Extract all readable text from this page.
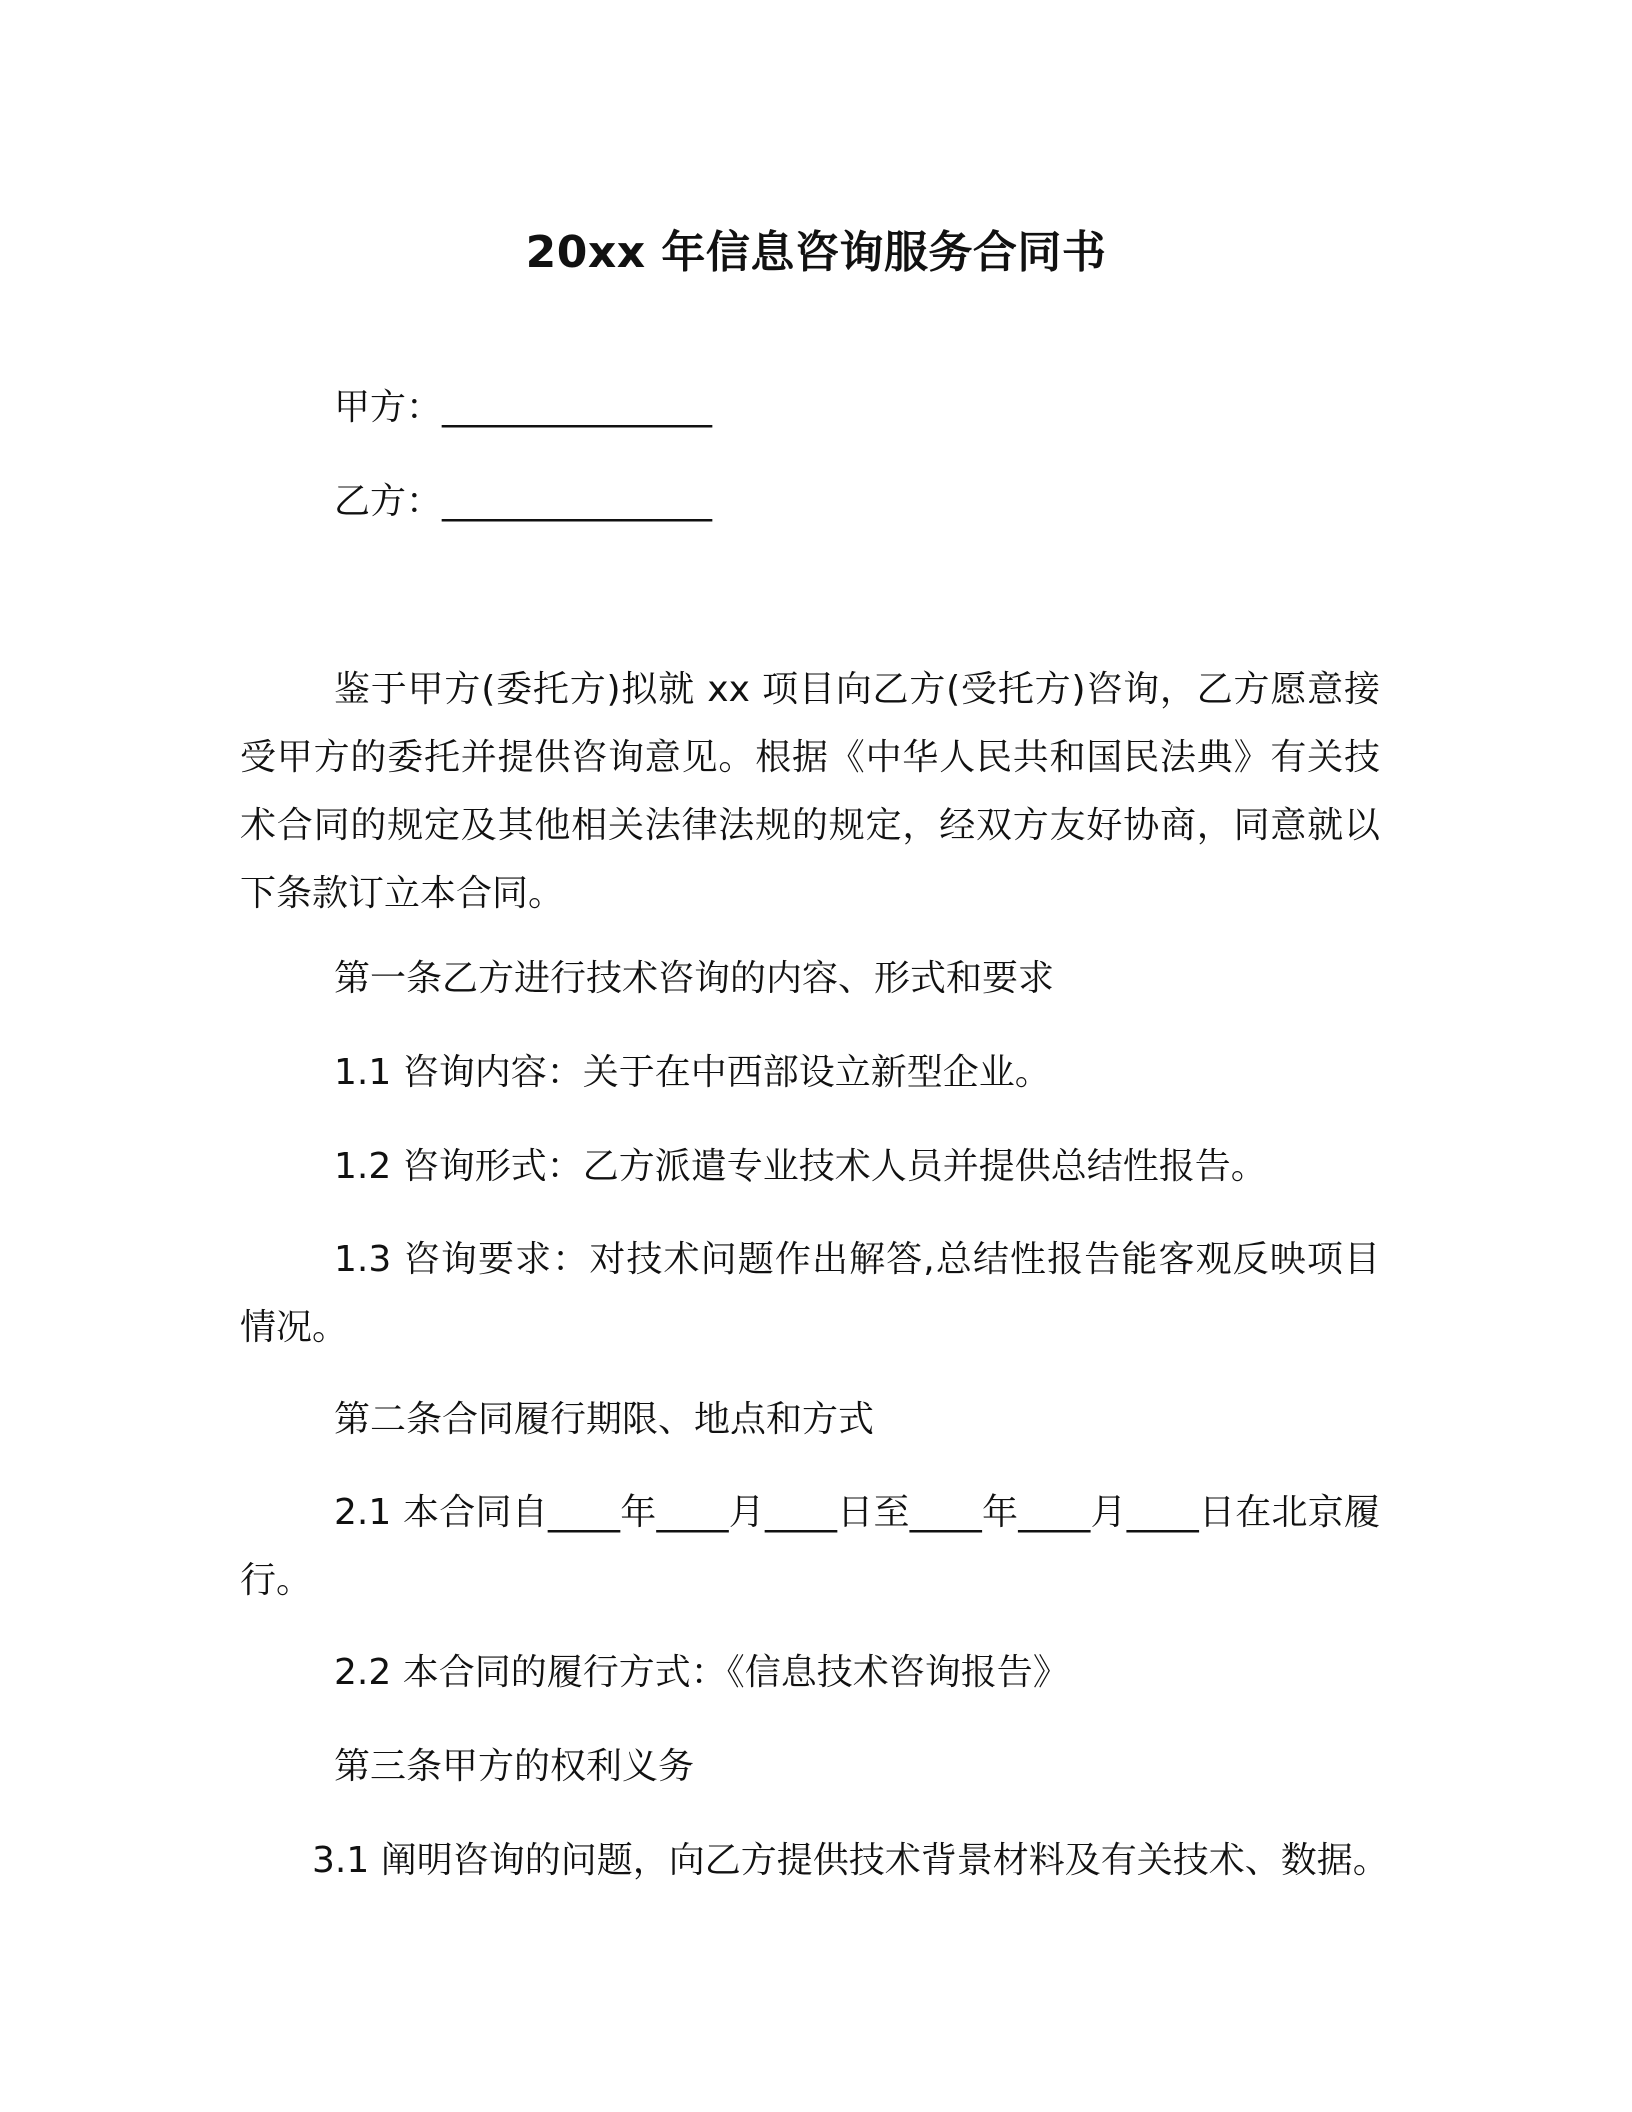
20xx 年信息咨询服务合同书
甲方：_______________
乙方：_______________
鉴于甲方(委托方)拟就 xx 项目向乙方(受托方)咨询，乙方愿意接受甲方的委托并提供咨询意见。根据《中华人民共和国民法典》有关技术合同的规定及其他相关法律法规的规定，经双方友好协商，同意就以下条款订立本合同。
第一条乙方进行技术咨询的内容、形式和要求
1.1 咨询内容：关于在中西部设立新型企业。
1.2 咨询形式：乙方派遣专业技术人员并提供总结性报告。
1.3 咨询要求：对技术问题作出解答,总结性报告能客观反映项目情况。
第二条合同履行期限、地点和方式
2.1 本合同自____年____月____日至____年____月____日在北京履行。
2.2 本合同的履行方式：《信息技术咨询报告》
第三条甲方的权利义务
3.1 阐明咨询的问题，向乙方提供技术背景材料及有关技术、数据。
